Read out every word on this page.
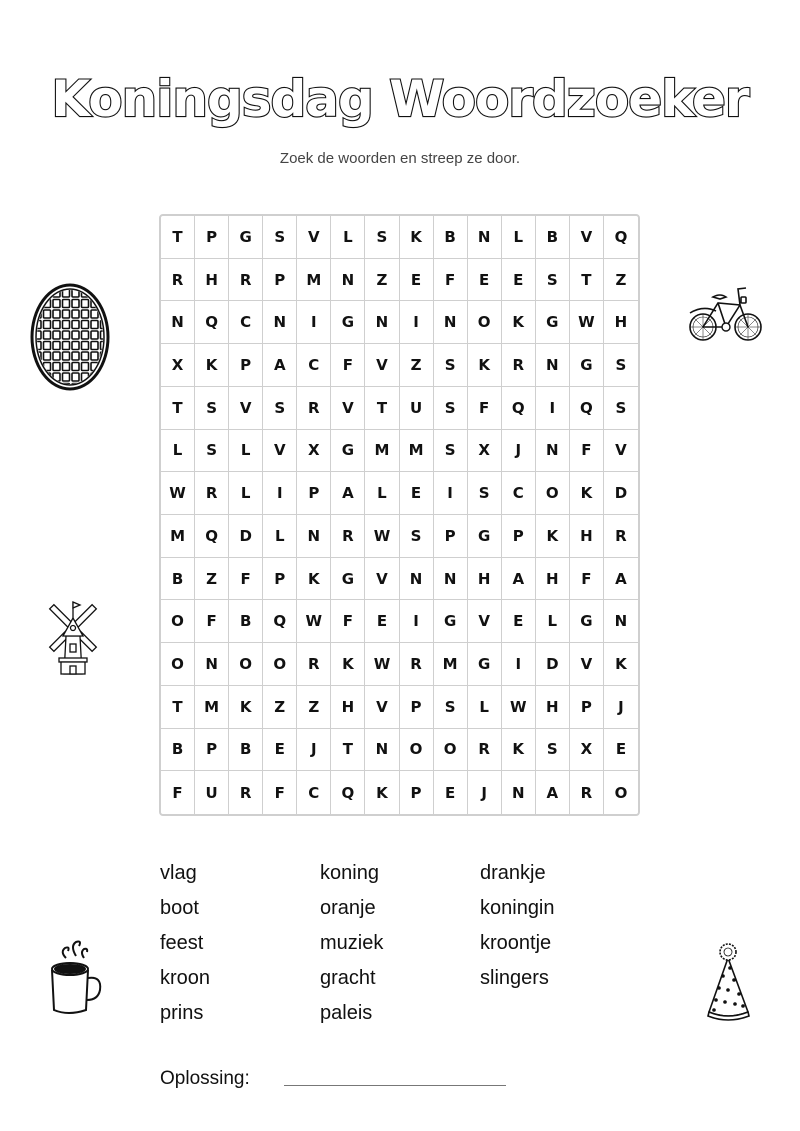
Koningsdag Woordzoeker
Zoek de woorden en streep ze door.
T	P	G	S	V	L	S	K	B	N	L	B	V	Q
R	H	R	P	M	N	Z	E	F	E	E	S	T	Z
N	Q	C	N	I	G	N	I	N	O	K	G	W	H
X	K	P	A	C	F	V	Z	S	K	R	N	G	S
T	S	V	S	R	V	T	U	S	F	Q	I	Q	S
L	S	L	V	X	G	M	M	S	X	J	N	F	V
W	R	L	I	P	A	L	E	I	S	C	O	K	D
M	Q	D	L	N	R	W	S	P	G	P	K	H	R
B	Z	F	P	K	G	V	N	N	H	A	H	F	A
O	F	B	Q	W	F	E	I	G	V	E	L	G	N
O	N	O	O	R	K	W	R	M	G	I	D	V	K
T	M	K	Z	Z	H	V	P	S	L	W	H	P	J
B	P	B	E	J	T	N	O	O	R	K	S	X	E
F	U	R	F	C	Q	K	P	E	J	N	A	R	O
vlag
boot
feest
kroon
prins
koning
oranje
muziek
gracht
paleis
drankje
koningin
kroontje
slingers
Oplossing:
